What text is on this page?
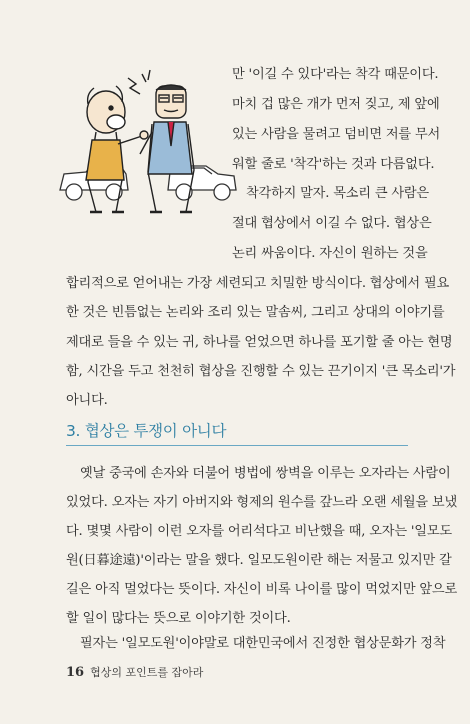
만 '이길 수 있다'라는 착각 때문이다.
마치 겁 많은 개가 먼저 짖고, 제 앞에
있는 사람을 물려고 덤비면 저를 무서
워할 줄로 '착각'하는 것과 다름없다.
착각하지 말자. 목소리 큰 사람은
절대 협상에서 이길 수 없다. 협상은
논리 싸움이다. 자신이 원하는 것을
합리적으로 얻어내는 가장 세련되고 치밀한 방식이다. 협상에서 필요
한 것은 빈틈없는 논리와 조리 있는 말솜씨, 그리고 상대의 이야기를
제대로 들을 수 있는 귀, 하나를 얻었으면 하나를 포기할 줄 아는 현명
함, 시간을 두고 천천히 협상을 진행할 수 있는 끈기이지 '큰 목소리'가
아니다.
3. 협상은 투쟁이 아니다
옛날 중국에 손자와 더불어 병법에 쌍벽을 이루는 오자라는 사람이
있었다. 오자는 자기 아버지와 형제의 원수를 갚느라 오랜 세월을 보냈
다. 몇몇 사람이 이런 오자를 어리석다고 비난했을 때, 오자는 '일모도
원(日暮途遠)'이라는 말을 했다. 일모도원이란 해는 저물고 있지만 갈
길은 아직 멀었다는 뜻이다. 자신이 비록 나이를 많이 먹었지만 앞으로
할 일이 많다는 뜻으로 이야기한 것이다.
필자는 '일모도원'이야말로 대한민국에서 진정한 협상문화가 정착
16 협상의 포인트를 잡아라
